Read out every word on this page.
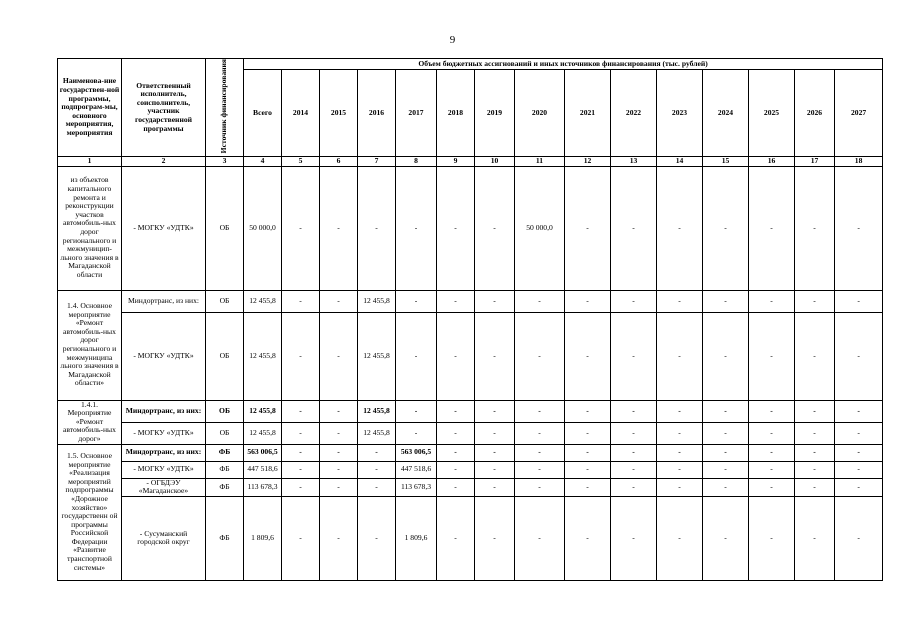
9
Наименова-ние государствен-ной программы, подпрограм-мы, основного мероприятия, мероприятия	Ответственный исполнитель, соисполнитель, участник государственной программы	Источник финансирования	Объем бюджетных ассигнований и иных источников финансирования (тыс. рублей)														
			Всего	2014	2015	2016	2017	2018	2019	2020	2021	2022	2023	2024	2025	2026	2027
1	2	3	4	5	6	7	8	9	10	11	12	13	14	15	16	17	18
из объектов капитального ремонта и реконструкции участков автомобиль-ных дорог регионального и межмуницип-льного значения в Магаданской области	- МОГКУ «УДТК»	ОБ	50 000,0	-	-	-	-	-	-	50 000,0	-	-	-	-	-	-	-
1.4. Основное мероприятие «Ремонт автомобиль-ных дорог регионального и межмуниципа льного значения в Магаданской области»	Миндортранс, из них:	ОБ	12 455,8	-	-	12 455,8	-	-	-	-	-	-	-	-	-	-	-
	- МОГКУ «УДТК»	ОБ	12 455,8	-	-	12 455,8	-	-	-	-	-	-	-	-	-	-	-
1.4.1. Мероприятие «Ремонт автомобиль-ных дорог»	Миндортранс, из них:	ОБ	12 455,8	-	-	12 455,8	-	-	-	-	-	-	-	-	-	-	-
	- МОГКУ «УДТК»	ОБ	12 455,8	-	-	12 455,8	-	-	-	-	-	-	-	-	-	-	-
1.5. Основное мероприятие «Реализация мероприятий подпрограммы «Дорожное хозяйство» государственн ой программы Российской Федерации «Развитие транспортной системы»	Миндортранс, из них:	ФБ	563 006,5	-	-	-	563 006,5	-	-	-	-	-	-	-	-	-	-
	- МОГКУ «УДТК»	ФБ	447 518,6	-	-	-	447 518,6	-	-	-	-	-	-	-	-	-	-
	- ОГБДЭУ «Магаданское»	ФБ	113 678,3	-	-	-	113 678,3	-	-	-	-	-	-	-	-	-	-
	- Сусуманский городской округ	ФБ	1 809,6	-	-	-	1 809,6	-	-	-	-	-	-	-	-	-	-
